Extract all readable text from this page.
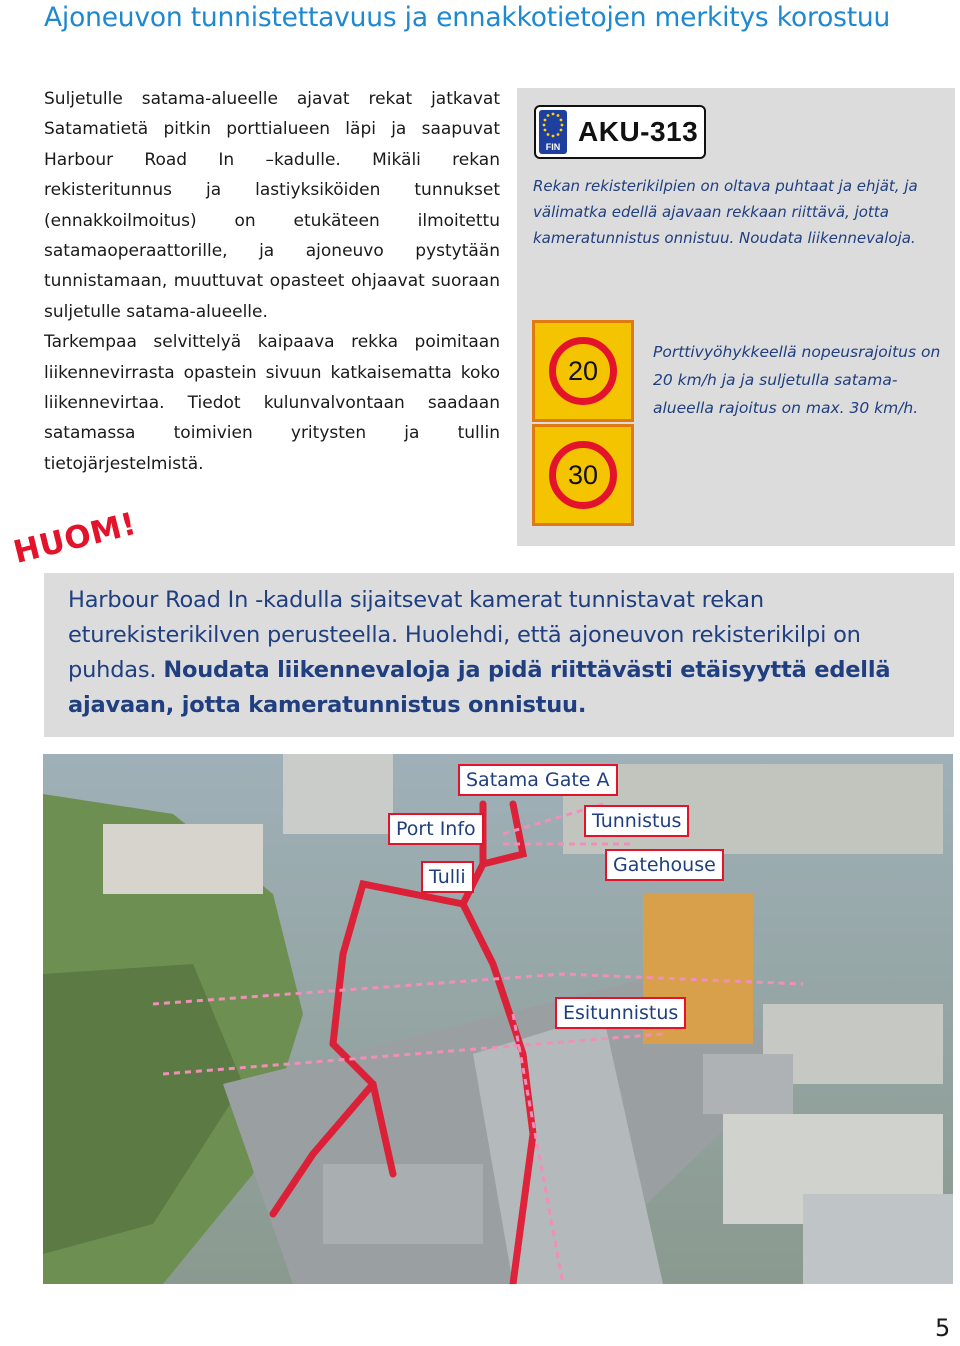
Ajoneuvon tunnistettavuus ja ennakkotietojen merkitys korostuu

Suljetulle satama-alueelle ajavat rekat jatkavat Satamatietä pitkin porttialueen läpi ja saapuvat Harbour Road In –kadulle. Mikäli rekan rekisteritunnus ja lastiyksiköiden tunnukset (ennakkoilmoitus) on etukäteen ilmoitettu satamaoperaattorille, ja ajoneuvo pystytään tunnistamaan, muuttuvat opasteet ohjaavat suoraan suljetulle satama-alueelle.

Tarkempaa selvittelyä kaipaava rekka poimitaan liikennevirrasta opastein sivuun katkaisematta koko liikennevirtaa. Tiedot kulunvalvontaan saadaan satamassa toimivien yritysten ja tullin tietojärjestelmistä.

FIN AKU-313
Rekan rekisterikilpien on oltava puhtaat ja ehjät, ja välimatka edellä ajavaan rekkaan riittävä, jotta kameratunnistus onnistuu. Noudata liikennevaloja.
20
30
Porttivyöhykkeellä nopeusrajoitus on 20 km/h ja ja suljetulla satama-alueella rajoitus on max. 30 km/h.
HUOM!
Harbour Road In -kadulla sijaitsevat kamerat tunnistavat rekan eturekisterikilven perusteella. Huolehdi, että ajoneuvon rekisterikilpi on puhdas. Noudata liikennevaloja ja pidä riittävästi etäisyyttä edellä ajavaan, jotta kameratunnistus onnistuu.
Satama Gate A
Port Info	Tunnistus
Gatehouse
Tulli
Esitunnistus
5
